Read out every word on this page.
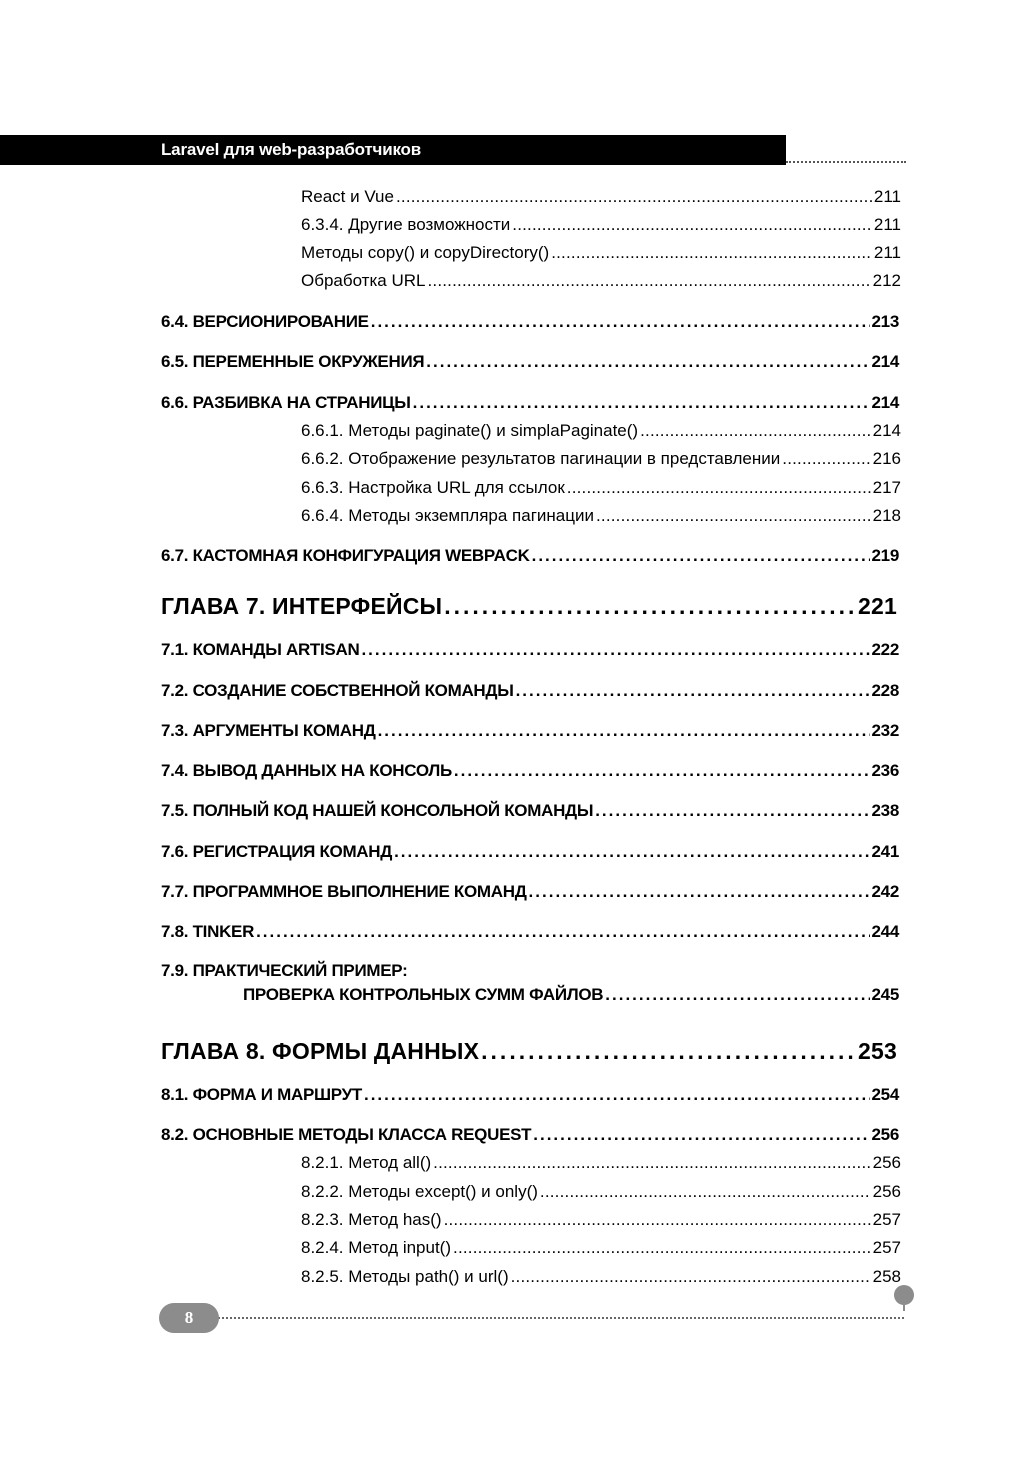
Laravel для web-разработчиков
React и Vue .....	211
6.3.4. Другие возможности .....	211
Методы copy() и copyDirectory() .....	211
Обработка URL .....	212
6.4. ВЕРСИОНИРОВАНИЕ .....	213
6.5. ПЕРЕМЕННЫЕ ОКРУЖЕНИЯ .....	214
6.6. РАЗБИВКА НА СТРАНИЦЫ .....	214
6.6.1. Методы paginate() и simplaPaginate() .....	214
6.6.2. Отображение результатов пагинации в представлении .....	216
6.6.3. Настройка URL для ссылок .....	217
6.6.4. Методы экземпляра пагинации .....	218
6.7. КАСТОМНАЯ КОНФИГУРАЦИЯ WEBPACK .....	219
ГЛАВА 7. ИНТЕРФЕЙСЫ .....	221
7.1. КОМАНДЫ ARTISAN .....	222
7.2. СОЗДАНИЕ СОБСТВЕННОЙ КОМАНДЫ .....	228
7.3. АРГУМЕНТЫ КОМАНД .....	232
7.4. ВЫВОД ДАННЫХ НА КОНСОЛЬ .....	236
7.5. ПОЛНЫЙ КОД НАШЕЙ КОНСОЛЬНОЙ КОМАНДЫ .....	238
7.6. РЕГИСТРАЦИЯ КОМАНД .....	241
7.7. ПРОГРАММНОЕ ВЫПОЛНЕНИЕ КОМАНД .....	242
7.8. TINKER .....	244
7.9. ПРАКТИЧЕСКИЙ ПРИМЕР:
ПРОВЕРКА КОНТРОЛЬНЫХ СУММ ФАЙЛОВ .....	245
ГЛАВА 8. ФОРМЫ ДАННЫХ .....	253
8.1. ФОРМА И МАРШРУТ .....	254
8.2. ОСНОВНЫЕ МЕТОДЫ КЛАССА REQUEST .....	256
8.2.1. Метод all() .....	256
8.2.2. Методы except() и only() .....	256
8.2.3. Метод has() .....	257
8.2.4. Метод input() .....	257
8.2.5. Методы path() и url() .....	258
8
